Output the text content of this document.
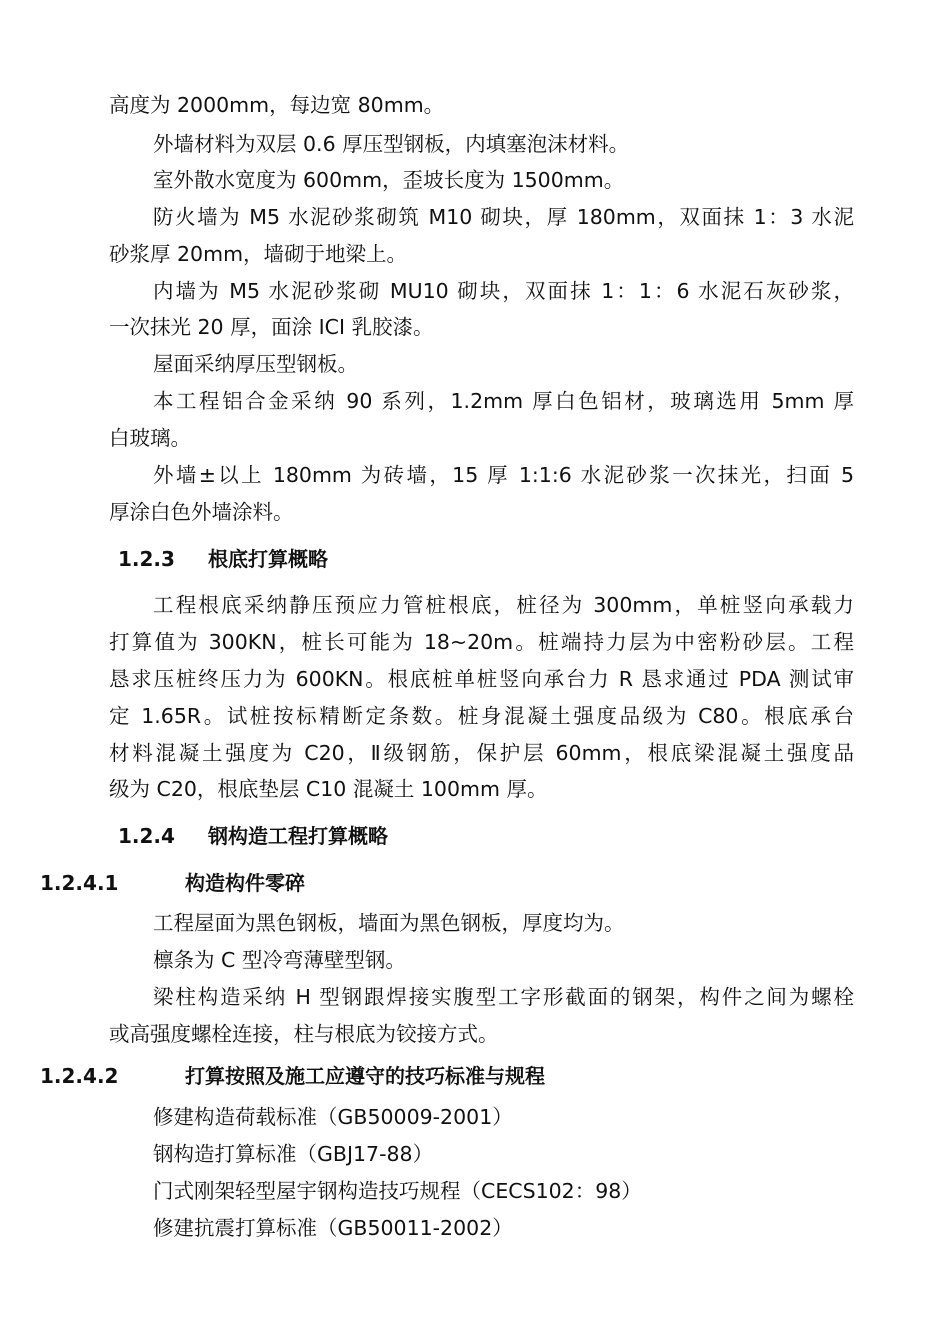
高度为 2000mm，每边宽 80mm。
外墙材料为双层 0.6 厚压型钢板，内填塞泡沫材料。
室外散水宽度为 600mm，歪坡长度为 1500mm。
防火墙为 M5 水泥砂浆砌筑 M10 砌块，厚 180mm，双面抹 1：3 水泥
砂浆厚 20mm，墙砌于地梁上。
内墙为 M5 水泥砂浆砌 MU10 砌块，双面抹 1：1：6 水泥石灰砂浆，
一次抹光 20 厚，面涂 ICI 乳胶漆。
屋面采纳厚压型钢板。
本工程铝合金采纳 90 系列，1.2mm 厚白色铝材，玻璃选用 5mm 厚
白玻璃。
外墙±以上 180mm 为砖墙，15 厚 1:1:6 水泥砂浆一次抹光，扫面 5
厚涂白色外墙涂料。
1.2.3 根底打算概略
工程根底采纳静压预应力管桩根底，桩径为 300mm，单桩竖向承载力
打算值为 300KN，桩长可能为 18~20m。桩端持力层为中密粉砂层。工程
恳求压桩终压力为 600KN。根底桩单桩竖向承台力 R 恳求通过 PDA 测试审
定 1.65R。试桩按标精断定条数。桩身混凝土强度品级为 C80。根底承台
材料混凝土强度为 C20，Ⅱ级钢筋，保护层 60mm，根底梁混凝土强度品
级为 C20，根底垫层 C10 混凝土 100mm 厚。
1.2.4 钢构造工程打算概略
1.2.4.1	构造构件零碎
工程屋面为黑色钢板，墙面为黑色钢板，厚度均为。
檩条为 C 型冷弯薄壁型钢。
梁柱构造采纳 H 型钢跟焊接实腹型工字形截面的钢架，构件之间为螺栓
或高强度螺栓连接，柱与根底为铰接方式。
1.2.4.2	打算按照及施工应遵守的技巧标准与规程
修建构造荷载标准（GB50009-2001）
钢构造打算标准（GBJ17-88）
门式刚架轻型屋宇钢构造技巧规程（CECS102：98）
修建抗震打算标准（GB50011-2002）
